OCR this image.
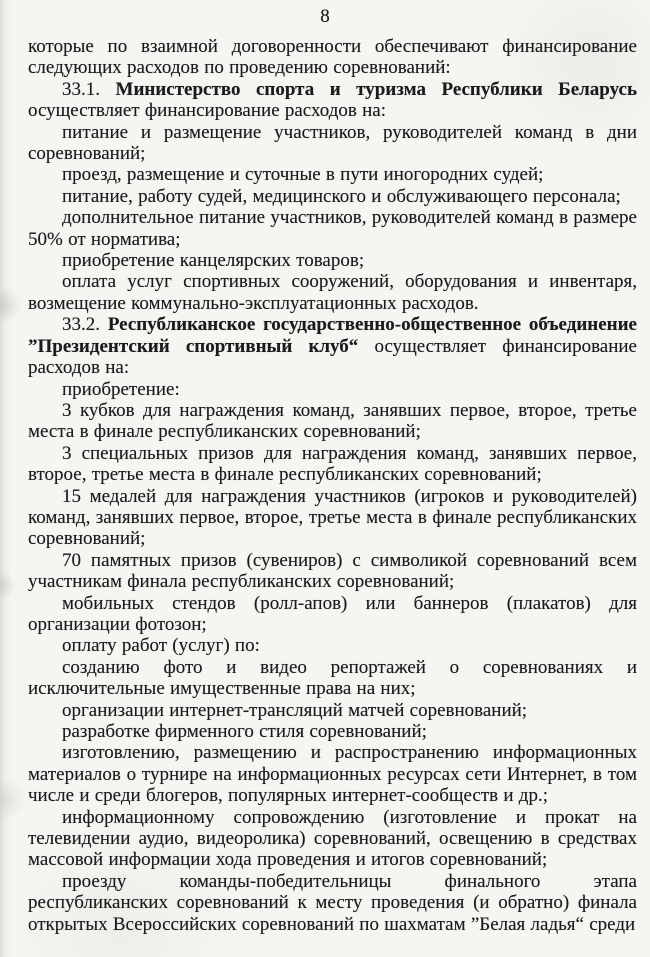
8

которые по взаимной договоренности обеспечивают финансирование следующих расходов по проведению соревнований:

33.1. Министерство спорта и туризма Республики Беларусь осуществляет финансирование расходов на:

питание и размещение участников, руководителей команд в дни соревнований;

проезд, размещение и суточные в пути иногородних судей;

питание, работу судей, медицинского и обслуживающего персонала;

дополнительное питание участников, руководителей команд в размере 50% от норматива;

приобретение канцелярских товаров;

оплата услуг спортивных сооружений, оборудования и инвентаря, возмещение коммунально-эксплуатационных расходов.

33.2. Республиканское государственно-общественное объединение ”Президентский спортивный клуб“ осуществляет финансирование расходов на:

приобретение:

3 кубков для награждения команд, занявших первое, второе, третье места в финале республиканских соревнований;

3 специальных призов для награждения команд, занявших первое, второе, третье места в финале республиканских соревнований;

15 медалей для награждения участников (игроков и руководителей) команд, занявших первое, второе, третье места в финале республиканских соревнований;

70 памятных призов (сувениров) с символикой соревнований всем участникам финала республиканских соревнований;

мобильных стендов (ролл-апов) или баннеров (плакатов) для организации фотозон;

оплату работ (услуг) по:

созданию фото и видео репортажей о соревнованиях и исключительные имущественные права на них;

организации интернет-трансляций матчей соревнований;

разработке фирменного стиля соревнований;

изготовлению, размещению и распространению информационных материалов о турнире на информационных ресурсах сети Интернет, в том числе и среди блогеров, популярных интернет-сообществ и др.;

информационному сопровождению (изготовление и прокат на телевидении аудио, видеоролика) соревнований, освещению в средствах массовой информации хода проведения и итогов соревнований;

проезду команды-победительницы финального этапа республиканских соревнований к месту проведения (и обратно) финала открытых Всероссийских соревнований по шахматам ”Белая ладья“ среди
